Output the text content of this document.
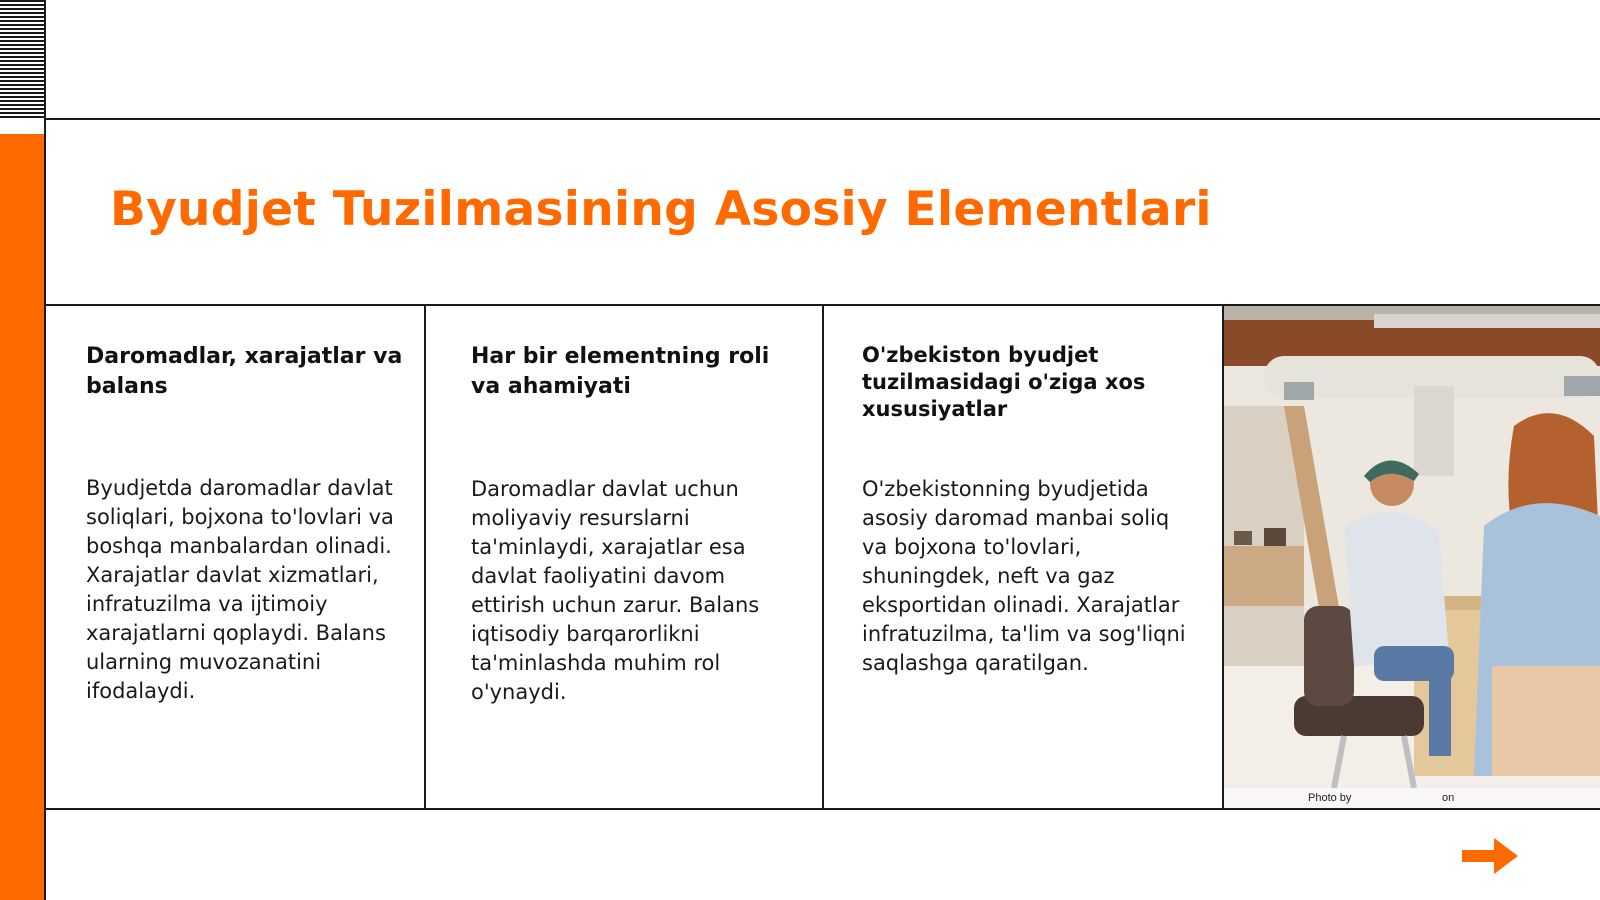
Byudjet Tuzilmasining Asosiy Elementlari
Daromadlar, xarajatlar va balans

Byudjetda daromadlar davlat soliqlari, bojxona to'lovlari va boshqa manbalardan olinadi. Xarajatlar davlat xizmatlari, infratuzilma va ijtimoiy xarajatlarni qoplaydi. Balans ularning muvozanatini ifodalaydi.

Har bir elementning roli va ahamiyati

Daromadlar davlat uchun moliyaviy resurslarni ta'minlaydi, xarajatlar esa davlat faoliyatini davom ettirish uchun zarur. Balans iqtisodiy barqarorlikni ta'minlashda muhim rol o'ynaydi.

O'zbekiston byudjet tuzilmasidagi o'ziga xos xususiyatlar

O'zbekistonning byudjetida asosiy daromad manbai soliq va bojxona to'lovlari, shuningdek, neft va gaz eksportidan olinadi. Xarajatlar infratuzilma, ta'lim va sog'liqni saqlashga qaratilgan.

Photo by	on
